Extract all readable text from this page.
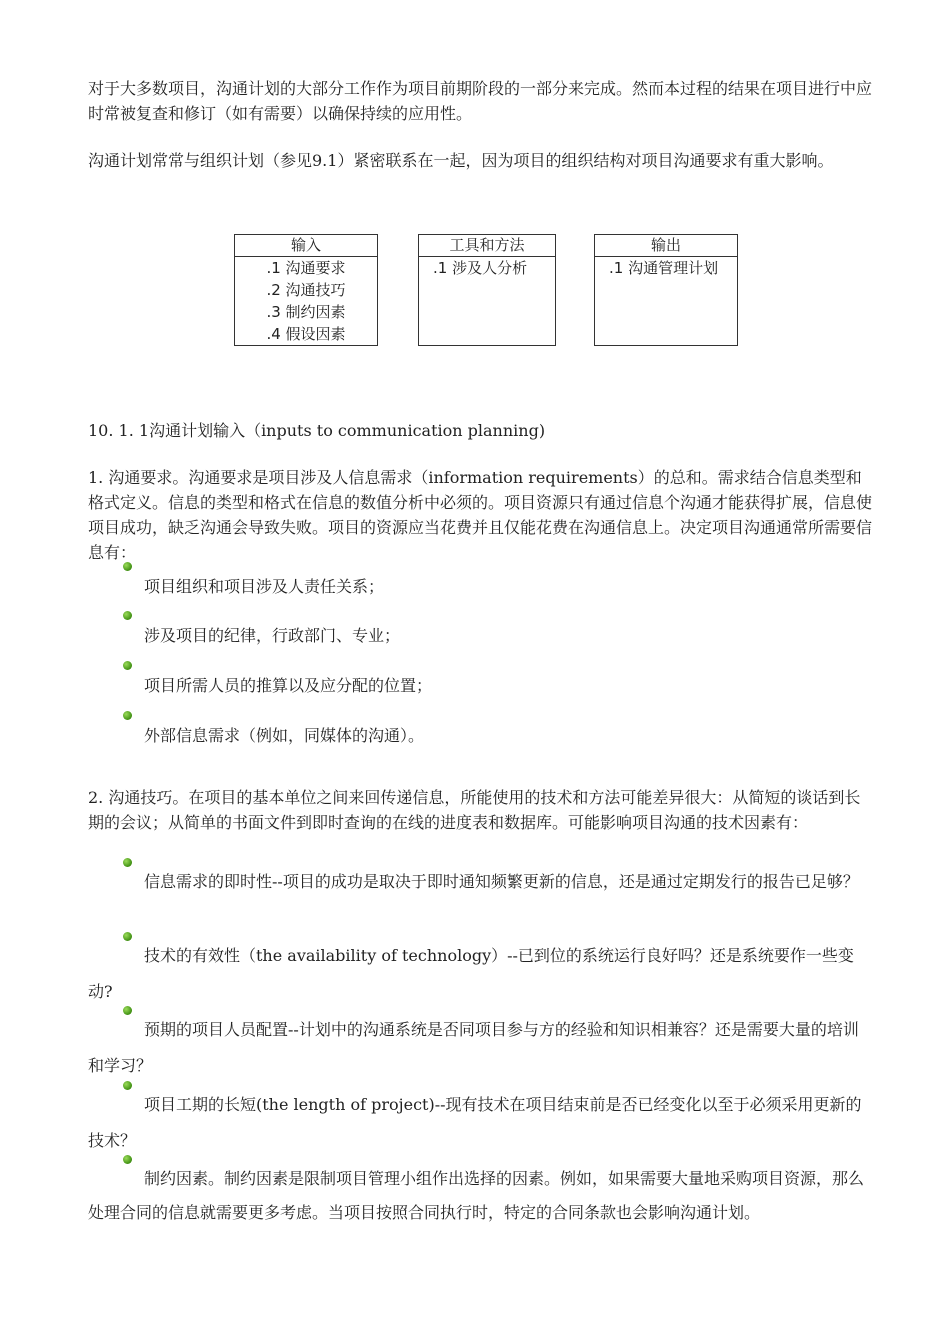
对于大多数项目，沟通计划的大部分工作作为项目前期阶段的一部分来完成。然而本过程的结果在项目进行中应时常被复查和修订（如有需要）以确保持续的应用性。
沟通计划常常与组织计划（参见9.1）紧密联系在一起，因为项目的组织结构对项目沟通要求有重大影响。
输入
.1 沟通要求
.2 沟通技巧
.3 制约因素
.4 假设因素
工具和方法
.1 涉及人分析
输出
.1 沟通管理计划
10. 1. 1沟通计划输入（inputs to communication planning)
1. 沟通要求。沟通要求是项目涉及人信息需求（information requirements）的总和。需求结合信息类型和格式定义。信息的类型和格式在信息的数值分析中必须的。项目资源只有通过信息个沟通才能获得扩展，信息使项目成功，缺乏沟通会导致失败。项目的资源应当花费并且仅能花费在沟通信息上。决定项目沟通通常所需要信息有：
项目组织和项目涉及人责任关系；
涉及项目的纪律，行政部门、专业；
项目所需人员的推算以及应分配的位置；
外部信息需求（例如，同媒体的沟通）。
2. 沟通技巧。在项目的基本单位之间来回传递信息，所能使用的技术和方法可能差异很大：从简短的谈话到长期的会议；从简单的书面文件到即时查询的在线的进度表和数据库。可能影响项目沟通的技术因素有：
信息需求的即时性--项目的成功是取决于即时通知频繁更新的信息，还是通过定期发行的报告已足够？
技术的有效性（the availability of technology）--已到位的系统运行良好吗？还是系统要作一些变动?
预期的项目人员配置--计划中的沟通系统是否同项目参与方的经验和知识相兼容？还是需要大量的培训和学习？
项目工期的长短(the length of project)--现有技术在项目结束前是否已经变化以至于必须采用更新的技术？
制约因素。制约因素是限制项目管理小组作出选择的因素。例如，如果需要大量地采购项目资源，那么处理合同的信息就需要更多考虑。当项目按照合同执行时，特定的合同条款也会影响沟通计划。
